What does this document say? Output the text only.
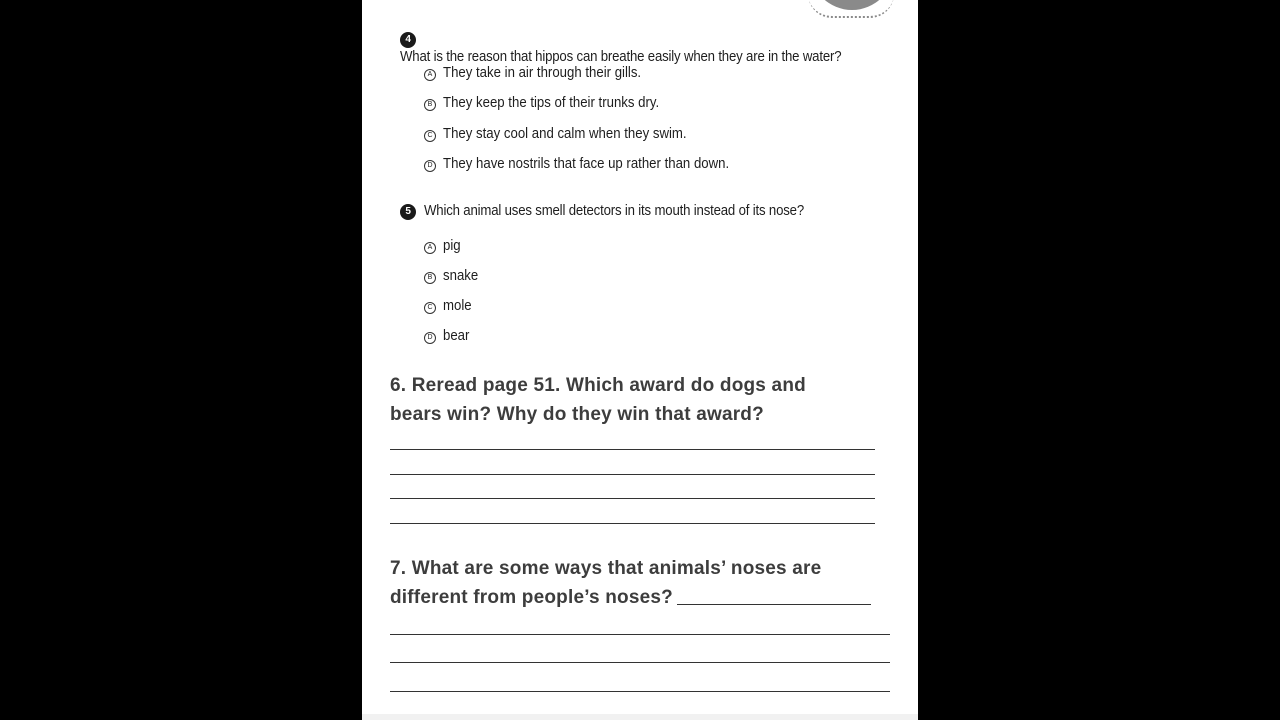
4What is the reason that hippos can breathe easily when they are in the water?
A They take in air through their gills.
B They keep the tips of their trunks dry.
C They stay cool and calm when they swim.
D They have nostrils that face up rather than down.
5 Which animal uses smell detectors in its mouth instead of its nose?
A pig
B snake
C mole
D bear
6. Reread page 51. Which award do dogs and
bears win? Why do they win that award?
7. What are some ways that animals’ noses are
different from people’s noses?
